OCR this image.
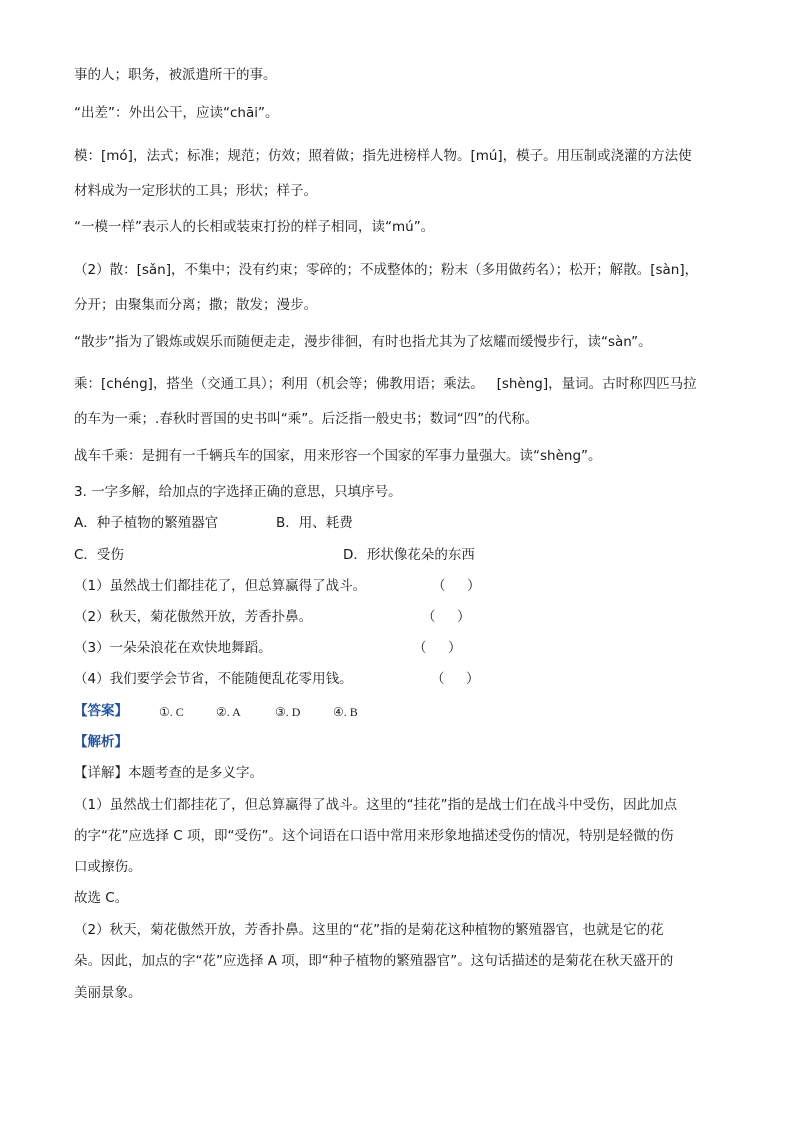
事的人；职务，被派遣所干的事。

“出差”：外出公干，应读“chāi”。

模：[mó]，法式；标准；规范；仿效；照着做；指先进榜样人物。[mú]，模子。用压制或浇灌的方法使

材料成为一定形状的工具；形状；样子。

“一模一样”表示人的长相或装束打扮的样子相同，读“mú”。

（2）散：[sǎn]，不集中；没有约束；零碎的；不成整体的；粉末（多用做药名）；松开；解散。[sàn]，

分开；由聚集而分离；撒；散发；漫步。

“散步”指为了锻炼或娱乐而随便走走，漫步徘徊，有时也指尤其为了炫耀而缓慢步行，读“sàn”。

乘：[chéng]，搭坐（交通工具）；利用（机会等；佛教用语；乘法。   [shèng]，量词。古时称四匹马拉

的车为一乘；.春秋时晋国的史书叫“乘”。后泛指一般史书；数词“四”的代称。

战车千乘：是拥有一千辆兵车的国家，用来形容一个国家的军事力量强大。读“shèng”。

3. 一字多解，给加点的字选择正确的意思，只填序号。

A．种子植物的繁殖器官	B．用、耗费

C．受伤	D．形状像花朵的东西

（1）虽然战士们都挂花了，但总算赢得了战斗。	（     ）

（2）秋天，菊花傲然开放，芳香扑鼻。	（     ）

（3）一朵朵浪花在欢快地舞蹈。	（     ）

（4）我们要学会节省，不能随便乱花零用钱。	（     ）

【答案】	①. C	②. A	③. D	④. B

【解析】

【详解】本题考查的是多义字。

（1）虽然战士们都挂花了，但总算赢得了战斗。这里的“挂花”指的是战士们在战斗中受伤，因此加点

的字“花”应选择 C 项，即“受伤”。这个词语在口语中常用来形象地描述受伤的情况，特别是轻微的伤

口或擦伤。

故选 C。

（2）秋天，菊花傲然开放，芳香扑鼻。这里的“花”指的是菊花这种植物的繁殖器官，也就是它的花

朵。因此，加点的字“花”应选择 A 项，即“种子植物的繁殖器官”。这句话描述的是菊花在秋天盛开的

美丽景象。
